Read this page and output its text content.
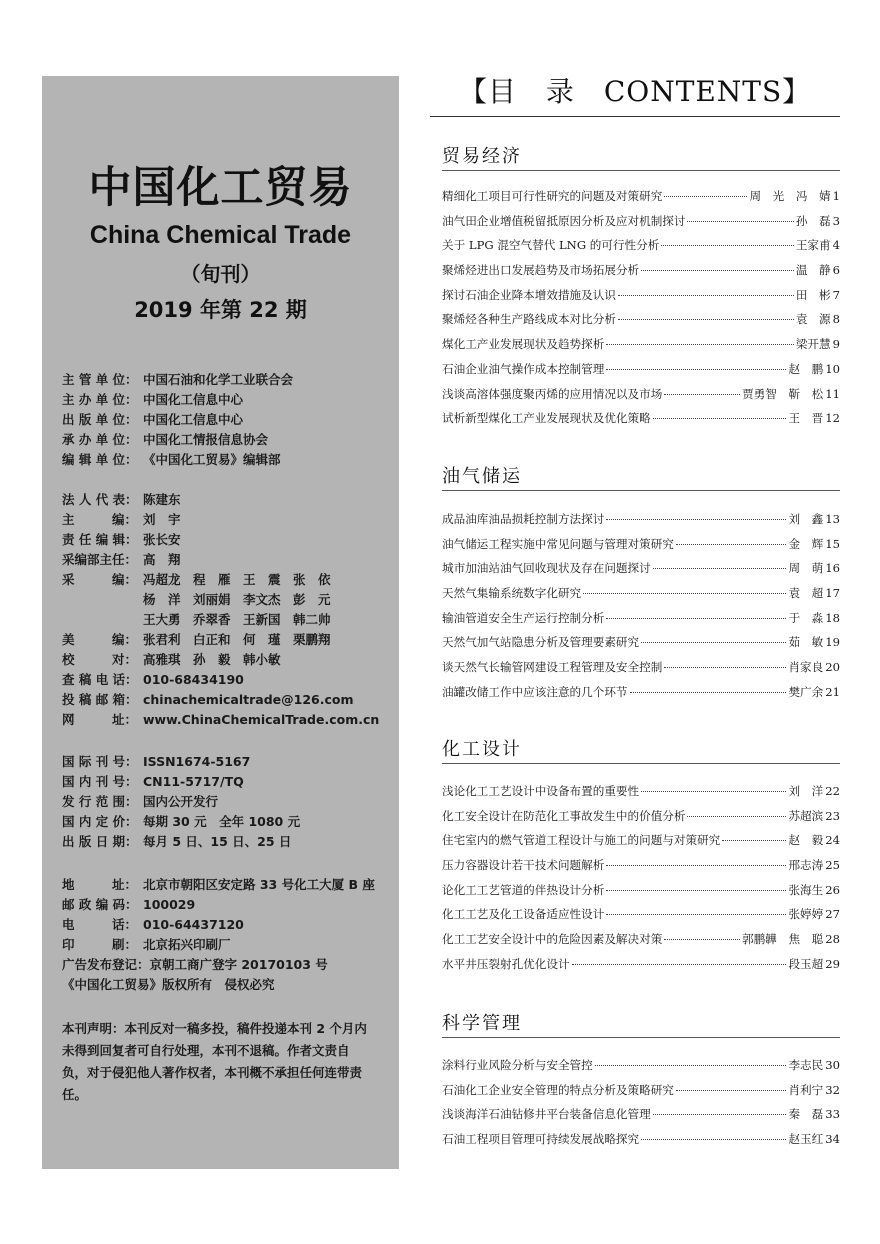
中国化工贸易
China Chemical Trade
（旬刊）
2019 年第 22 期
主 管 单 位： 中国石油和化学工业联合会
主 办 单 位： 中国化工信息中心
出 版 单 位： 中国化工信息中心
承 办 单 位： 中国化工情报信息协会
编 辑 单 位： 《中国化工贸易》编辑部
法 人 代 表： 陈建东
主　　　编： 刘　宇
责 任 编 辑： 张长安
采编部主任： 高　翔
采　　　编： 冯超龙　程　雁　王　震　张　依
杨　洋　刘丽娟　李文杰　彭　元
王大勇　乔翠香　王新国　韩二帅
美　　　编： 张君利　白正和　何　瑾　栗鹏翔
校　　　对： 高雅琪　孙　毅　韩小敏
查 稿 电 话： 010-68434190
投 稿 邮 箱： chinachemicaltrade@126.com
网　　　址： www.ChinaChemicalTrade.com.cn
国 际 刊 号： ISSN1674-5167
国 内 刊 号： CN11-5717/TQ
发 行 范 围： 国内公开发行
国 内 定 价： 每期 30 元　全年 1080 元
出 版 日 期： 每月 5 日、15 日、25 日
地　　　址： 北京市朝阳区安定路 33 号化工大厦 B 座
邮 政 编 码： 100029
电　　　话： 010-64437120
印　　　刷： 北京拓兴印刷厂
广告发布登记：京朝工商广登字 20170103 号
《中国化工贸易》版权所有　侵权必究
本刊声明：本刊反对一稿多投，稿件投递本刊 2 个月内未得到回复者可自行处理，本刊不退稿。作者文责自负，对于侵犯他人著作权者，本刊概不承担任何连带责任。
【目　录　CONTENTS】
贸易经济
精细化工项目可行性研究的问题及对策研究	周　光　冯　婧 1
油气田企业增值税留抵原因分析及应对机制探讨	孙　磊 3
关于 LPG 混空气替代 LNG 的可行性分析	王家甫 4
聚烯烃进出口发展趋势及市场拓展分析	温　静 6
探讨石油企业降本增效措施及认识	田　彬 7
聚烯烃各种生产路线成本对比分析	袁　源 8
煤化工产业发展现状及趋势探析	梁开慧 9
石油企业油气操作成本控制管理	赵　鹏 10
浅谈高溶体强度聚丙烯的应用情况以及市场	贾勇智　靳　松 11
试析新型煤化工产业发展现状及优化策略	王　晋 12
油气储运
成品油库油品损耗控制方法探讨	刘　鑫 13
油气储运工程实施中常见问题与管理对策研究	金　辉 15
城市加油站油气回收现状及存在问题探讨	周　萌 16
天然气集输系统数字化研究	袁　超 17
输油管道安全生产运行控制分析	于　淼 18
天然气加气站隐患分析及管理要素研究	茹　敏 19
谈天然气长输管网建设工程管理及安全控制	肖家良 20
油罐改储工作中应该注意的几个环节	樊广余 21
化工设计
浅论化工工艺设计中设备布置的重要性	刘　洋 22
化工安全设计在防范化工事故发生中的价值分析	苏超滨 23
住宅室内的燃气管道工程设计与施工的问题与对策研究	赵　毅 24
压力容器设计若干技术问题解析	邢志涛 25
论化工工艺管道的伴热设计分析	张海生 26
化工工艺及化工设备适应性设计	张婷婷 27
化工工艺安全设计中的危险因素及解决对策	郭鹏韡　焦　聪 28
水平井压裂射孔优化设计	段玉超 29
科学管理
涂料行业风险分析与安全管控	李志民 30
石油化工企业安全管理的特点分析及策略研究	肖利宁 32
浅谈海洋石油钻修井平台装备信息化管理	秦　磊 33
石油工程项目管理可持续发展战略探究	赵玉红 34
